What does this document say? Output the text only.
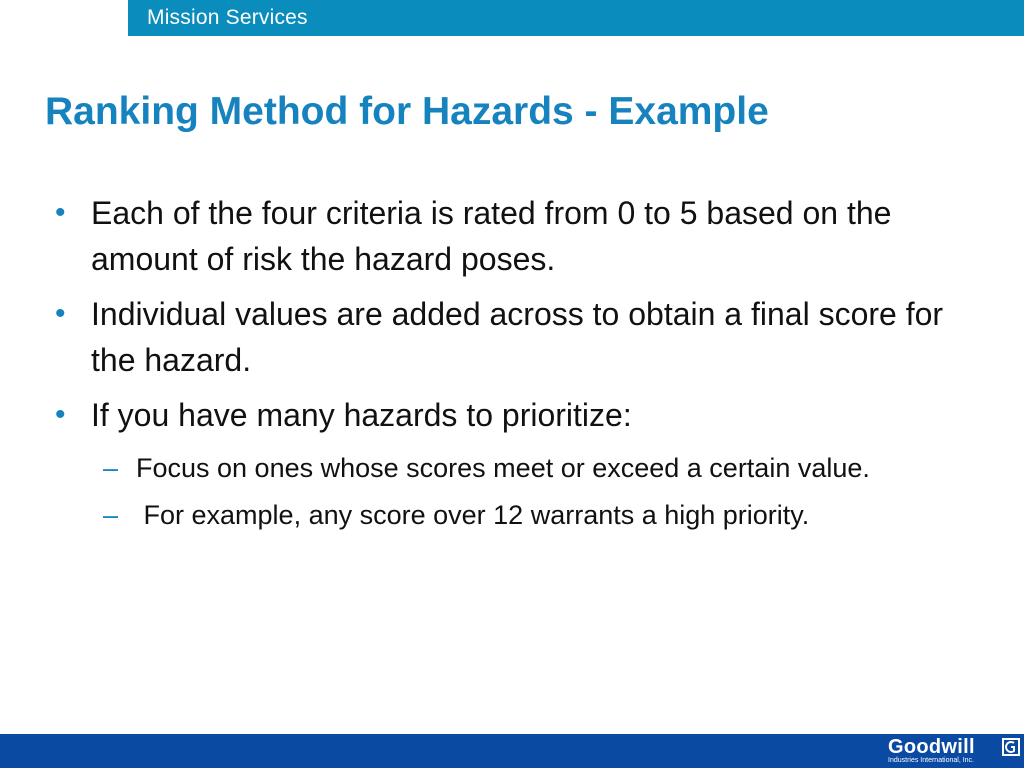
Mission Services
Ranking Method for Hazards - Example
• Each of the four criteria is rated from 0 to 5 based on the amount of risk the hazard poses.
• Individual values are added across to obtain a final score for the hazard.
• If you have many hazards to prioritize:
– Focus on ones whose scores meet or exceed a certain value.
– For example, any score over 12 warrants a high priority.
Goodwill
Industries International, Inc.
